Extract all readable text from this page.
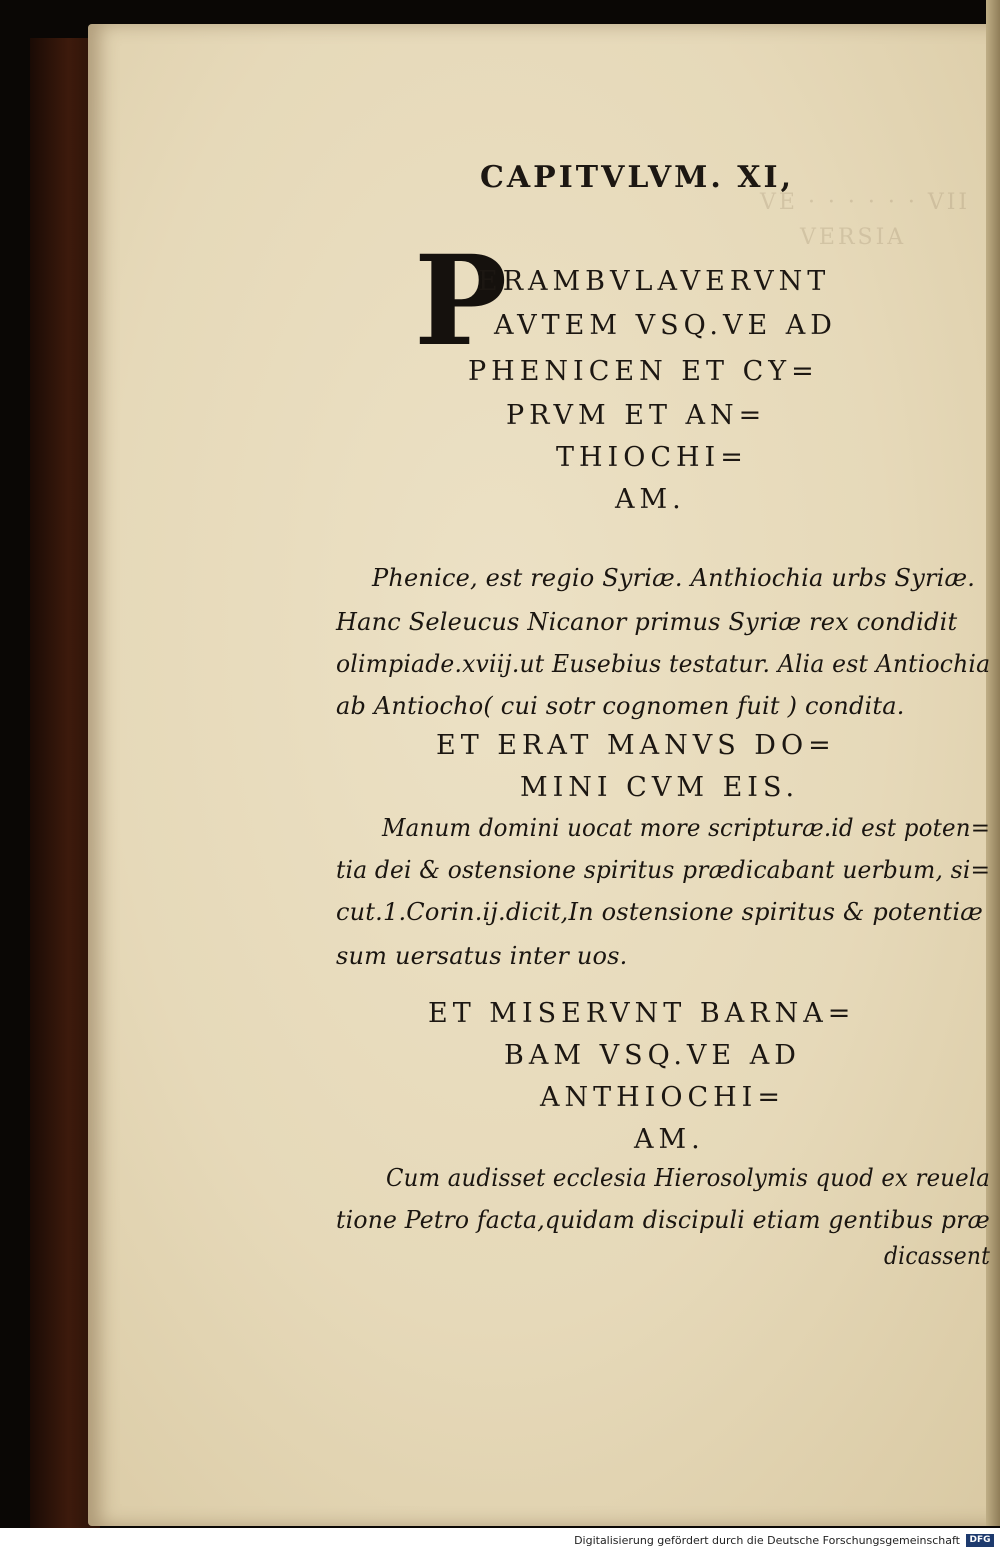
VE · · · · · · VII
VERSIA
CAPITVLVM. XI,
P
ERAMBVLAVERVNT
AVTEM VSQ.VE AD
PHENICEN ET CY=
PRVM ET AN=
THIOCHI=
AM.
Phenice, est regio Syriæ. Anthiochia urbs Syriæ.
Hanc Seleucus Nicanor primus Syriæ rex condidit
olimpiade.xviij.ut Eusebius testatur. Alia est Antiochia
ab Antiocho( cui sotr cognomen fuit ) condita.
ET ERAT MANVS DO=
MINI CVM EIS.
Manum domini uocat more scripturæ.id est poten=
tia dei & ostensione spiritus prædicabant uerbum, si=
cut.1.Corin.ij.dicit,In ostensione spiritus & potentiæ
sum uersatus inter uos.
ET MISERVNT BARNA=
BAM VSQ.VE AD
ANTHIOCHI=
AM.
Cum audisset ecclesia Hierosolymis quod ex reuela
tione Petro facta,quidam discipuli etiam gentibus præ
dicassent
Digitalisierung gefördert durch die Deutsche Forschungsgemeinschaft	DFG
